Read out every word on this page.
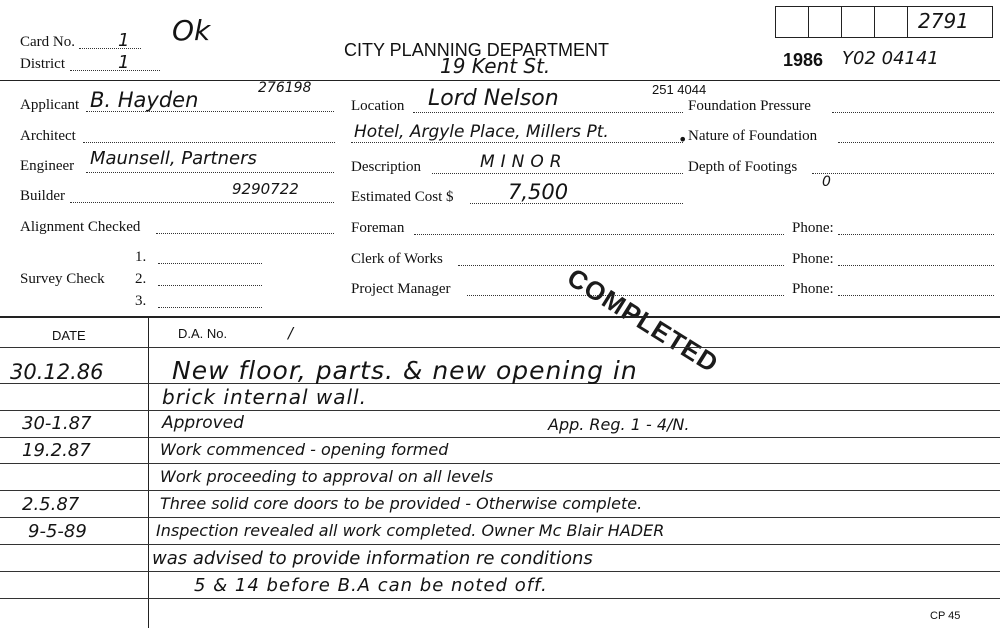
2791
Card No. 1 Ok
District	1
CITY PLANNING DEPARTMENT
19 Kent St.	1986 Y02 04141
Applicant B. Hayden	276198
Architect
Engineer Maunsell, Partners
Builder	9290722
Alignment Checked
Survey Check
1.
2.
3.
Location Lord Nelson	251 4044
Hotel, Argyle Place, Millers Pt.
Description	MINOR
Estimated Cost $	7,500
Foreman
Clerk of Works
Project Manager
Foundation Pressure
• Nature of Foundation
Depth of Footings
0
Phone:
Phone:
Phone:
COMPLETED
DATE	D.A. No.	/
30.12.86	New floor, parts. & new opening in
brick internal wall.
30-1.87	Approved	App. Reg. 1 - 4/N.
19.2.87	Work commenced - opening formed
Work proceeding to approval on all levels
2.5.87	Three solid core doors to be provided - Otherwise complete.
9-5-89	Inspection revealed all work completed. Owner Mc Blair HADER
was advised to provide information re conditions
5 & 14 before B.A can be noted off.
CP 45
